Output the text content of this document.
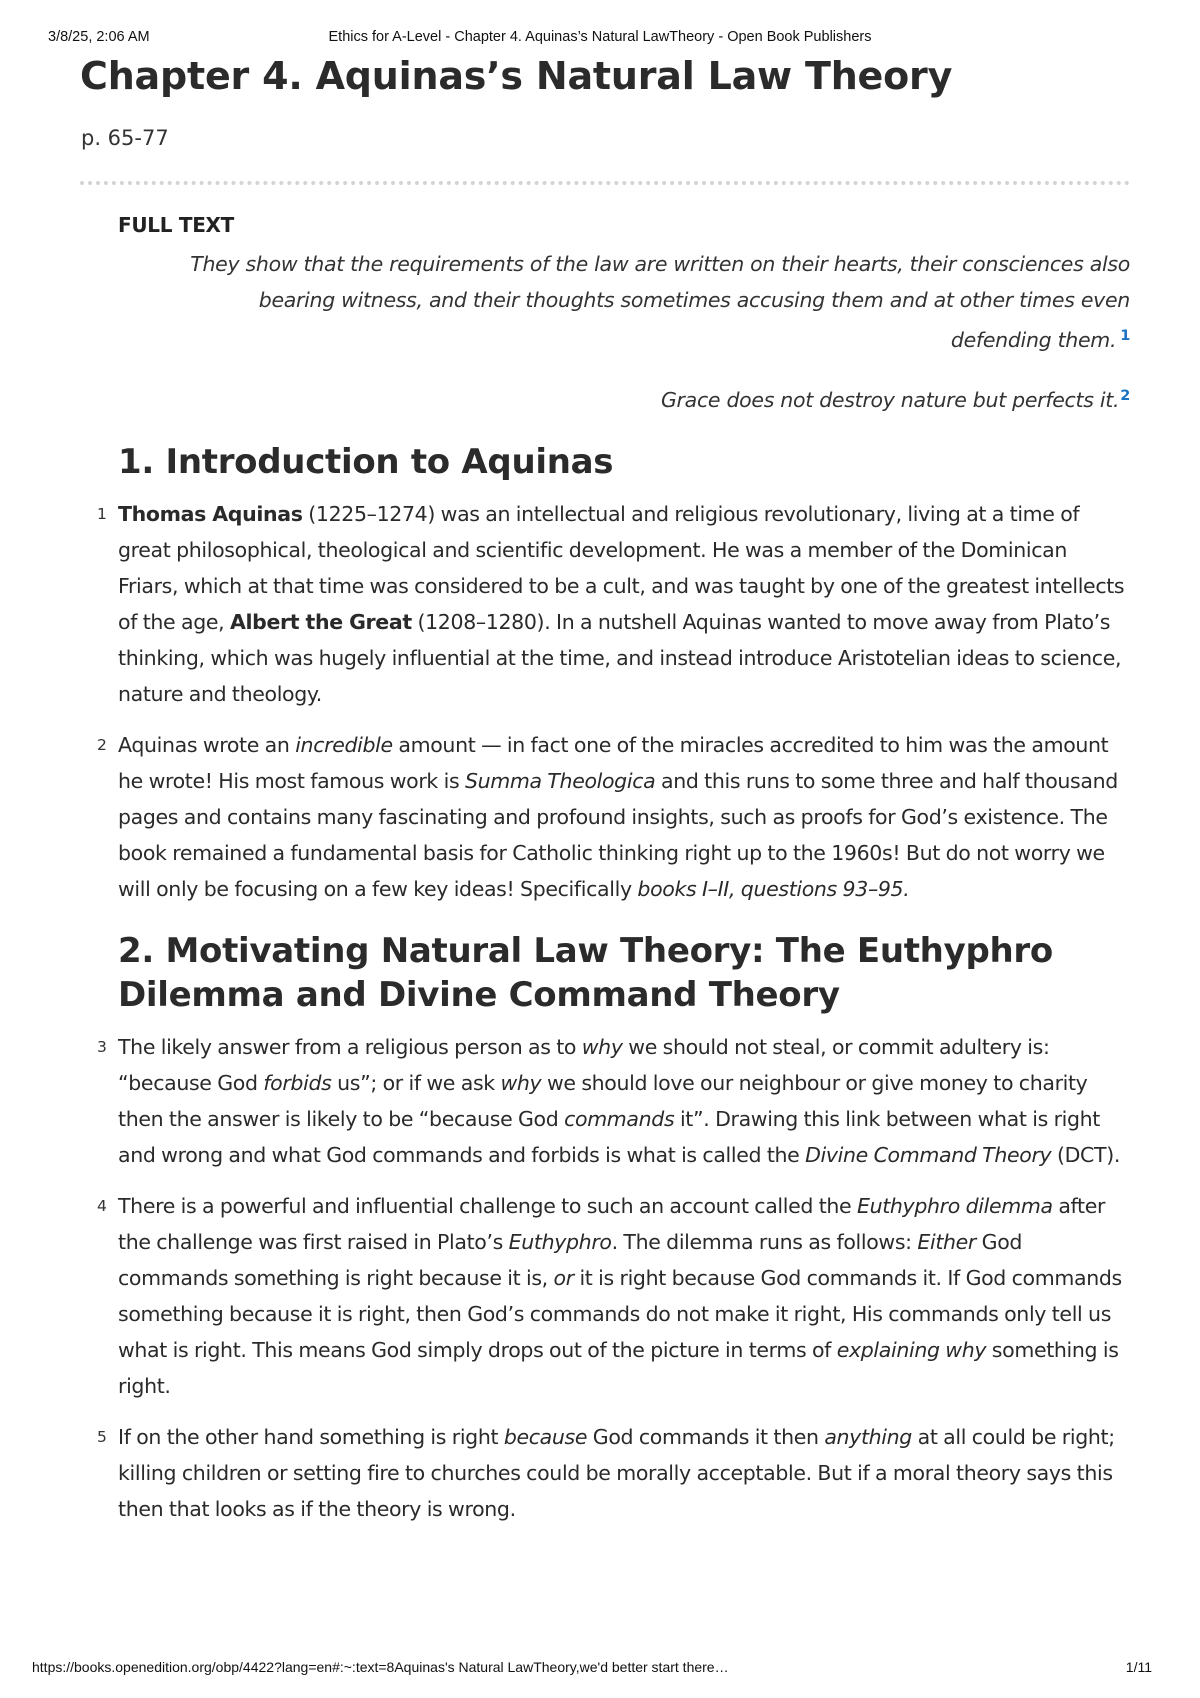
3/8/25, 2:06 AM	Ethics for A-Level - Chapter 4. Aquinas’s Natural LawTheory - Open Book Publishers
Chapter 4. Aquinas’s Natural Law Theory
p. 65-77

FULL TEXT

They show that the requirements of the law are written on their hearts, their consciences also
bearing witness, and their thoughts sometimes accusing them and at other times even
defending them. $^1$

Grace does not destroy nature but perfects it.$^2$

1. Introduction to Aquinas

1 Thomas Aquinas (1225–1274) was an intellectual and religious revolutionary, living at a time of great philosophical, theological and scientific development. He was a member of the Dominican Friars, which at that time was considered to be a cult, and was taught by one of the greatest intellects of the age, Albert the Great (1208–1280). In a nutshell Aquinas wanted to move away from Plato’s thinking, which was hugely influential at the time, and instead introduce Aristotelian ideas to science, nature and theology.

2 Aquinas wrote an incredible amount — in fact one of the miracles accredited to him was the amount he wrote! His most famous work is Summa Theologica and this runs to some three and half thousand pages and contains many fascinating and profound insights, such as proofs for God’s existence. The book remained a fundamental basis for Catholic thinking right up to the 1960s! But do not worry we will only be focusing on a few key ideas! Specifically books I–II, questions 93–95.

2. Motivating Natural Law Theory: The Euthyphro
Dilemma and Divine Command Theory

3 The likely answer from a religious person as to why we should not steal, or commit adultery is: “because God forbids us”; or if we ask why we should love our neighbour or give money to charity then the answer is likely to be “because God commands it”. Drawing this link between what is right and wrong and what God commands and forbids is what is called the Divine Command Theory (DCT).

4 There is a powerful and influential challenge to such an account called the Euthyphro dilemma after the challenge was first raised in Plato’s Euthyphro. The dilemma runs as follows: Either God commands something is right because it is, or it is right because God commands it. If God commands something because it is right, then God’s commands do not make it right, His commands only tell us what is right. This means God simply drops out of the picture in terms of explaining why something is right.

5 If on the other hand something is right because God commands it then anything at all could be right; killing children or setting fire to churches could be morally acceptable. But if a moral theory says this then that looks as if the theory is wrong.

https://books.openedition.org/obp/4422?lang=en#:~:text=8Aquinas's Natural LawTheory,we'd better start there…	1/11
